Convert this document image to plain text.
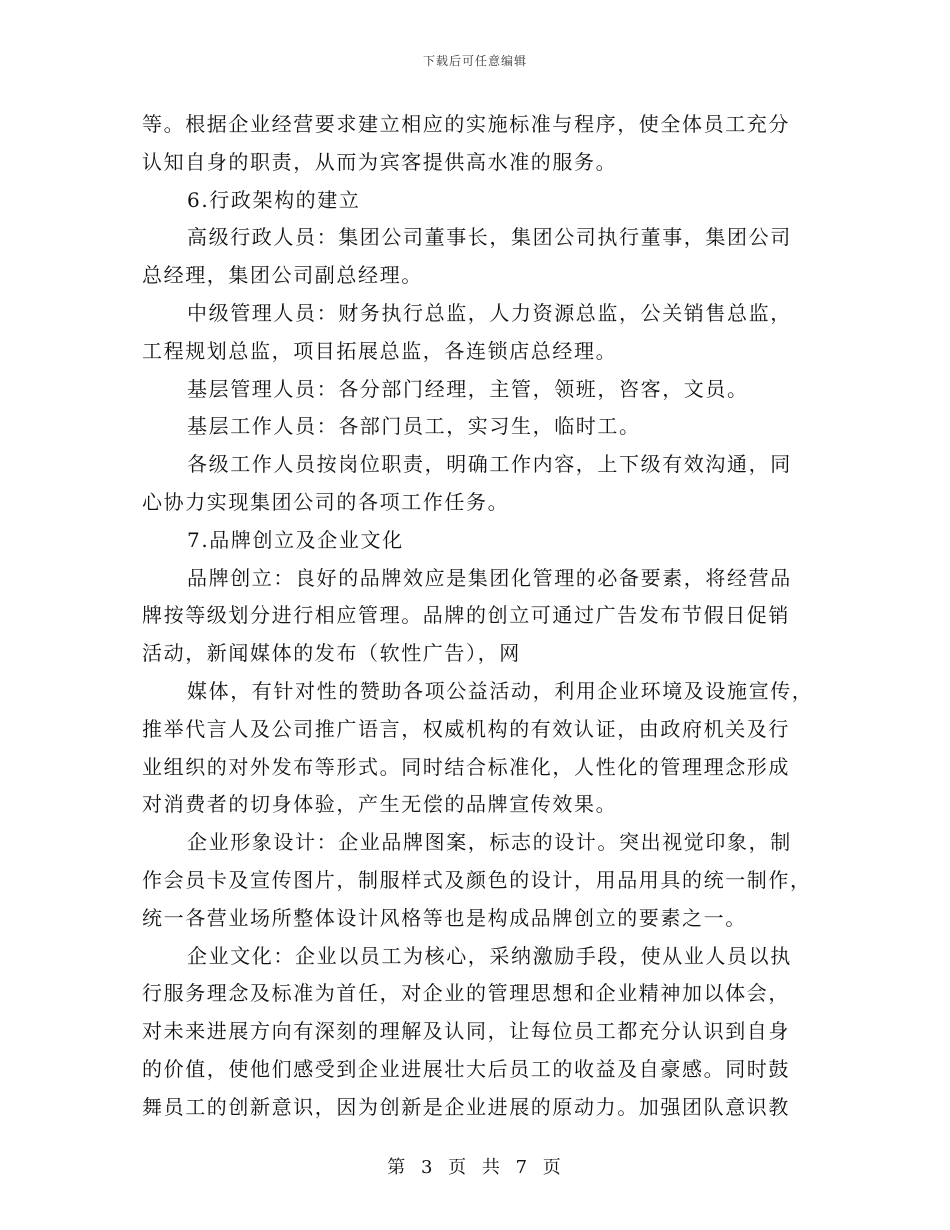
下载后可任意编辑
等。根据企业经营要求建立相应的实施标准与程序，使全体员工充分
认知自身的职责，从而为宾客提供高水准的服务。
6.行政架构的建立
高级行政人员：集团公司董事长，集团公司执行董事，集团公司
总经理，集团公司副总经理。
中级管理人员：财务执行总监，人力资源总监，公关销售总监，
工程规划总监，项目拓展总监，各连锁店总经理。
基层管理人员：各分部门经理，主管，领班，咨客，文员。
基层工作人员：各部门员工，实习生，临时工。
各级工作人员按岗位职责，明确工作内容，上下级有效沟通，同
心协力实现集团公司的各项工作任务。
7.品牌创立及企业文化
品牌创立：良好的品牌效应是集团化管理的必备要素，将经营品
牌按等级划分进行相应管理。品牌的创立可通过广告发布节假日促销
活动，新闻媒体的发布（软性广告），网
媒体，有针对性的赞助各项公益活动，利用企业环境及设施宣传，
推举代言人及公司推广语言，权威机构的有效认证，由政府机关及行
业组织的对外发布等形式。同时结合标准化，人性化的管理理念形成
对消费者的切身体验，产生无偿的品牌宣传效果。
企业形象设计：企业品牌图案，标志的设计。突出视觉印象，制
作会员卡及宣传图片，制服样式及颜色的设计，用品用具的统一制作，
统一各营业场所整体设计风格等也是构成品牌创立的要素之一。
企业文化：企业以员工为核心，采纳激励手段，使从业人员以执
行服务理念及标准为首任，对企业的管理思想和企业精神加以体会，
对未来进展方向有深刻的理解及认同，让每位员工都充分认识到自身
的价值，使他们感受到企业进展壮大后员工的收益及自豪感。同时鼓
舞员工的创新意识，因为创新是企业进展的原动力。加强团队意识教
第 3 页 共 7 页
